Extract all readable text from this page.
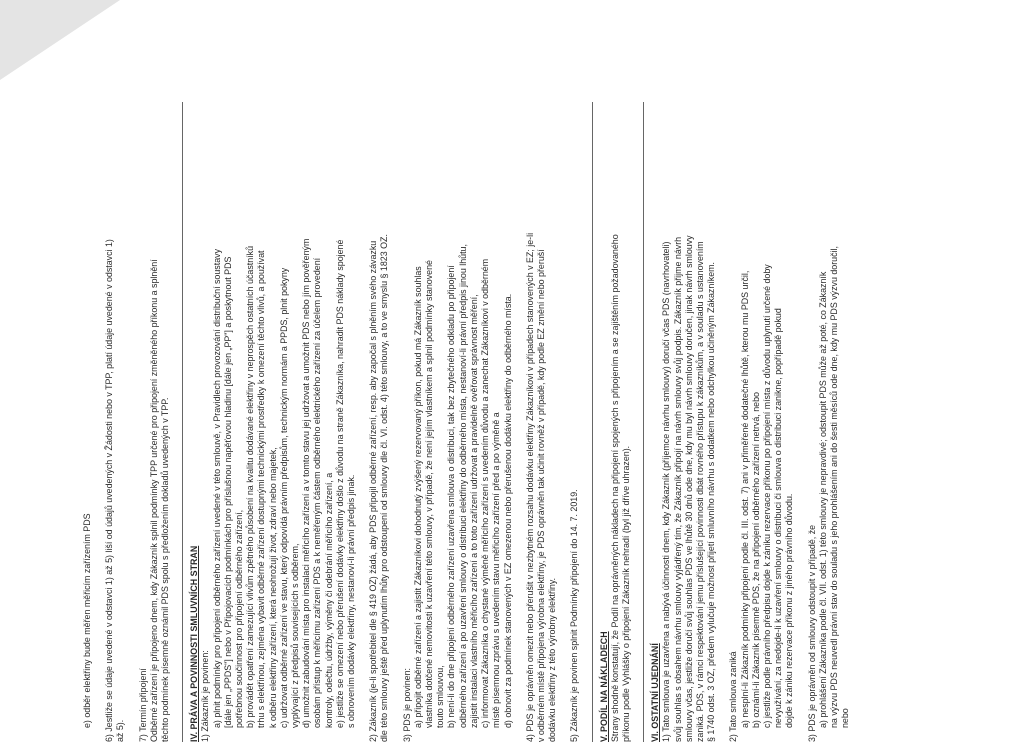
e) odběr elektřiny bude měřen měřicím zařízením PDS 6) Jestliže se údaje uvedené v odstavci 1) až 5) liší od údajů uvedených v Žádosti nebo v TPP, platí údaje uvedené v odstavci 1) až 5). 7) Termín připojení Odběrné zařízení je připojeno dnem, kdy Zákazník splnil podmínky TPP určené pro připojení změněného příkonu a splnění těchto podmínek písemně oznámil PDS spolu s předložením dokladů uvedených v TPP. IV. PRÁVA A POVINNOSTI SMLUVNÍCH STRAN 1) Zákazník je povinen: a) plnit podmínky pro připojení odběrného zařízení uvedené v této smlouvě, v Pravidlech provozování distribuční soustavy [dále jen „PPDS"] nebo v Připojovacích podmínkách pro příslušnou napěťovou hladinu [dále jen „PP"] a poskytnout PDS potřebnou součinnost pro připojení odběrného zařízení, b) provádět opatření zamezující vlivům zpětného působení na kvalitu dodávané elektřiny v neprospěch ostatních účastníků trhu s elektřinou, zejména vybavit odběrné zařízení dostupnými technickými prostředky k omezení těchto vlivů, a používat k odběru elektřiny zařízení, která neohrožují život, zdraví nebo majetek, c) udržovat odběrné zařízení ve stavu, který odpovídá právním předpisům, technickým normám a PPDS, plnit pokyny vyplývající z předpisů souvisejících s odběrem, d) umožnit zabudování místa pro instalaci měřicího zařízení a v tomto stavu jej udržovat a umožnit PDS nebo jím pověřeným osobám přístup k měřicímu zařízení PDS a k neměřeným částem odběrného elektrického zařízení za účelem provedení kontroly, odečtu, údržby, výměny či odebrání měřicího zařízení, a e) jestliže se omezení nebo přerušení dodávky elektřiny došlo z důvodu na straně Zákazníka, nahradit PDS náklady spojené s obnovením dodávky elektřiny, nestanoví-li právní předpis jinak. 2) Zákazník (je-li spotřebitel dle § 419 OZ) žádá, aby PDS připojil odběrné zařízení, resp. aby započal s plněním svého závazku dle této smlouvy ještě před uplynutím lhůty pro odstoupení od smlouvy dle čl. VI. odst. 4) této smlouvy, a to ve smyslu § 1823 OZ. 3) PDS je povinen: a) připojit odběrné zařízení a zajistit Zákazníkovi dohodnutý zvýšený rezervovaný příkon, pokud má Zákazník souhlas vlastníka dotčené nemovitosti k uzavření této smlouvy, v případě, že není jejím vlastníkem a splnil podmínky stanovené touto smlouvou, b) není-li do dne připojení odběrného zařízení uzavřena smlouva o distribuci, tak bez zbytečného odkladu po připojení odběrného zařízení a po uzavření smlouvy o distribuci elektřiny do odběrného místa, nestanoví-li právní předpis jinou lhůtu, zajistit instalaci vlastního měřicího zařízení a to toto zařízení udržovat a pravidelně ověřovat správnost měření, c) informovat Zákazníka o chystané výměně měřicího zařízení s uvedením důvodu a zanechat Zákazníkovi v odběrném místě písemnou zprávu s uvedením stavu měřicího zařízení před a po výměně a d) obnovit za podmínek stanovených v EZ omezenou nebo přerušenou dodávku elektřiny do odběrného místa. 4) PDS je oprávněn omezit nebo přerušit v nezbytném rozsahu dodávku elektřiny Zákazníkovi v případech stanovených v EZ; je-li v odběrném místě připojena výrobna elektřiny, je PDS oprávněn tak učinit rovněž v případě, kdy podle EZ změní nebo přeruší dodávku elektřiny z této výrobny elektřiny. 5) Zákazník je povinen splnit Podmínky připojení do 14. 7. 2019. V. PODÍL NA NÁKLADECH Strany shodně konstatují, že Podíl na oprávněných nákladech na připojení spojených s připojením a se zajištěním požadovaného příkonu podle Vyhlášky o připojení Zákazník nehradí (byl již dříve uhrazen). VI. OSTATNÍ UJEDNÁNÍ 1) Tato smlouva je uzavřena a nabývá účinnosti dnem, kdy Zákazník (příjemce návrhu smlouvy) doručí včas PDS (navrhovateli) svůj souhlas s obsahem návrhu smlouvy vyjádřený tím, že Zákazník připojí na návrh smlouvy svůj podpis. Zákazník přijme návrh smlouvy včas, jestliže doručí svůj souhlas PDS ve lhůtě 30 dnů ode dne, kdy mu byl návrh smlouvy doručen, jinak návrh smlouvy zaniká. PDS, v rámci respektování jemu příslušející povinnosti dbát rovného přístupu k zákazníkům, a v souladu s ustanovením § 1740 odst. 3 OZ, předem vylučuje možnost přijetí smluvního návrhu s dodatkem nebo odchylkou učiněným Zákazníkem. 2) Tato smlouva zaniká a) nesplní-li Zákazník podmínky připojení podle čl. III. odst. 7) ani v přiměřené dodatečné lhůtě, kterou mu PDS určil, b) oznámí-li Zákazník písemně PDS, že na připojení odběrného zařízení netrvá, nebo c) jestliže podle právního předpisu dojde k zániku rezervace příkonu po připojení místa z důvodu uplynutí určené doby nevyužívání, za nedojde-li k uzavření smlouvy o distribuci či smlouva o distribuci zanikne, popřípadě pokud dojde k zániku rezervace příkonu z jiného právního důvodu. 3) PDS je oprávněn od smlouvy odstoupit v případě, že a) prohlášení Zákazníka podle čl. VII. odst. 1) této smlouvy je nepravdivé; odstoupit PDS může až poté, co Zákazník na výzvu PDS neuvedl právní stav do souladu s jeho prohlášením ani do šesti měsíců ode dne, kdy mu PDS výzvu doručil, nebo
